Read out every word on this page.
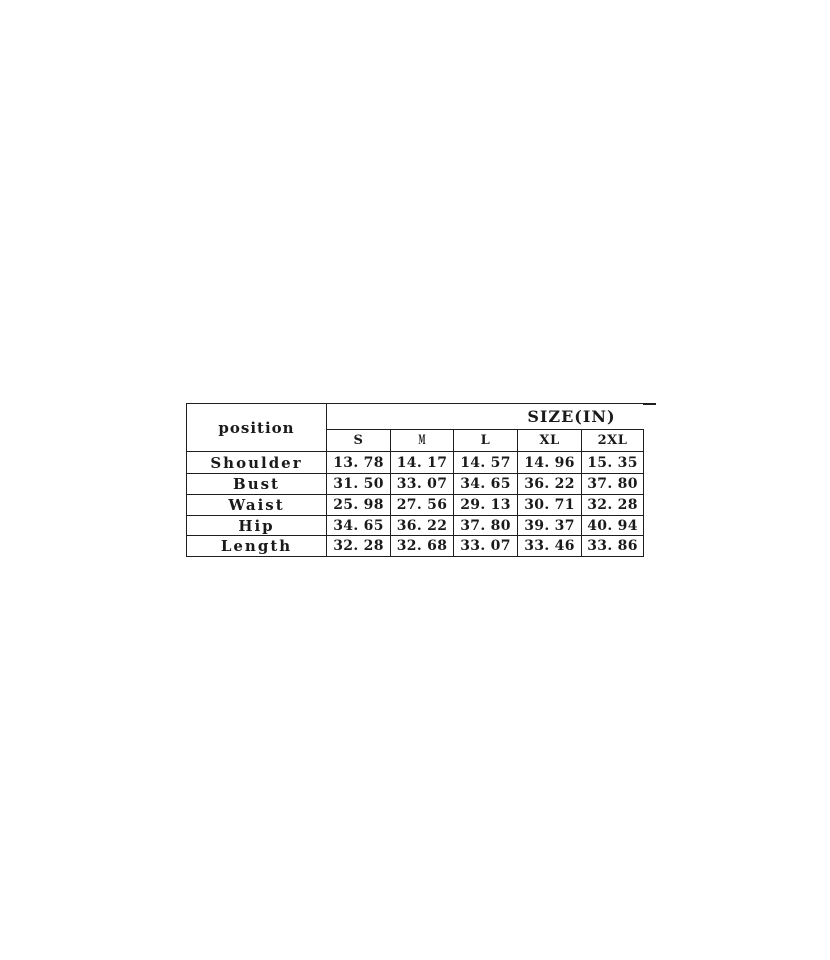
position	SIZE(IN)				
	S	M	L	XL	2XL
Shoulder	13. 78	14. 17	14. 57	14. 96	15. 35
Bust	31. 50	33. 07	34. 65	36. 22	37. 80
Waist	25. 98	27. 56	29. 13	30. 71	32. 28
Hip	34. 65	36. 22	37. 80	39. 37	40. 94
Length	32. 28	32. 68	33. 07	33. 46	33. 86
